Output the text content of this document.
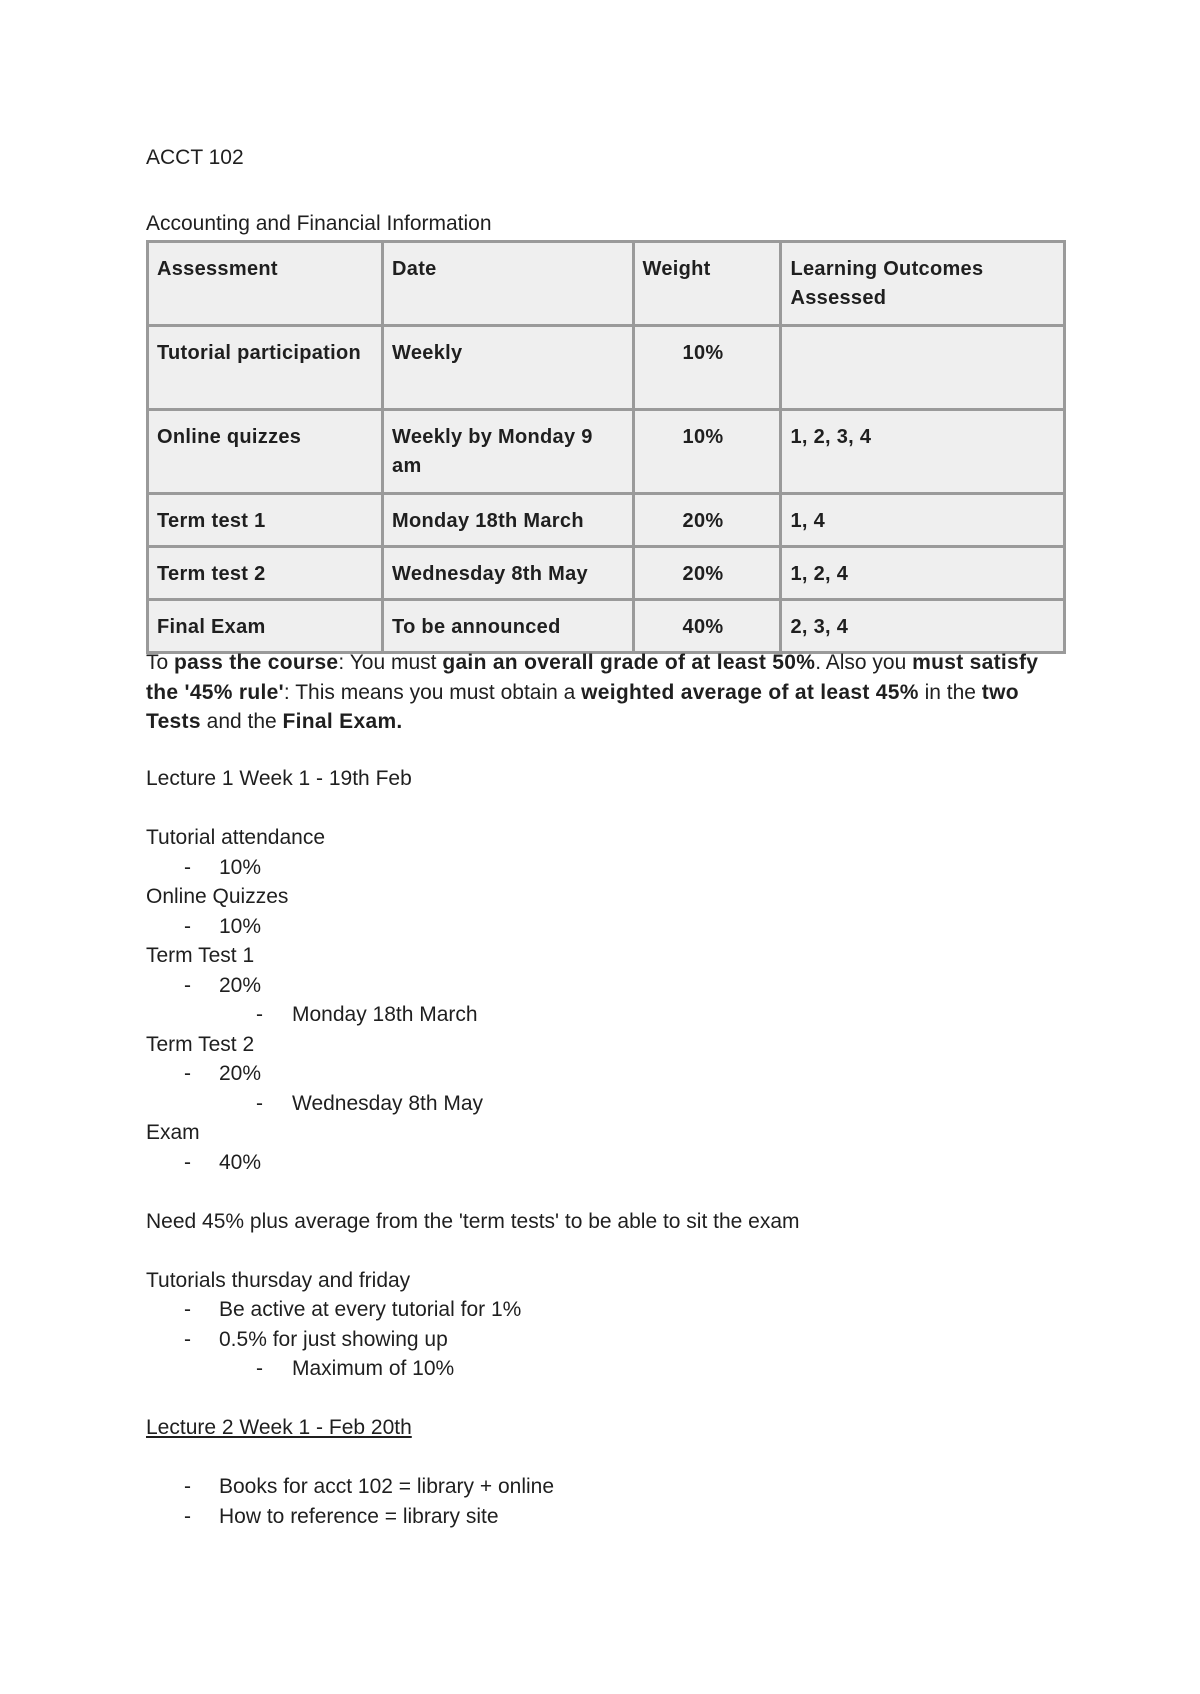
ACCT 102
Accounting and Financial Information
Assessment	Date	Weight	Learning Outcomes Assessed
Tutorial participation	Weekly	10%	
Online quizzes	Weekly by Monday 9 am	10%	1, 2, 3, 4
Term test 1	Monday 18th March	20%	1, 4
Term test 2	Wednesday 8th May	20%	1, 2, 4
Final Exam	To be announced	40%	2, 3, 4
To pass the course: You must gain an overall grade of at least 50%. Also you must satisfy the '45% rule': This means you must obtain a weighted average of at least 45% in the two Tests and the Final Exam.
Lecture 1 Week 1 - 19th Feb
Tutorial attendance
- 10%
Online Quizzes
- 10%
Term Test 1
- 20%
- Monday 18th March
Term Test 2
- 20%
- Wednesday 8th May
Exam
- 40%
Need 45% plus average from the 'term tests' to be able to sit the exam
Tutorials thursday and friday
- Be active at every tutorial for 1%
- 0.5% for just showing up
- Maximum of 10%
Lecture 2 Week 1 - Feb 20th
- Books for acct 102 = library + online
- How to reference = library site
